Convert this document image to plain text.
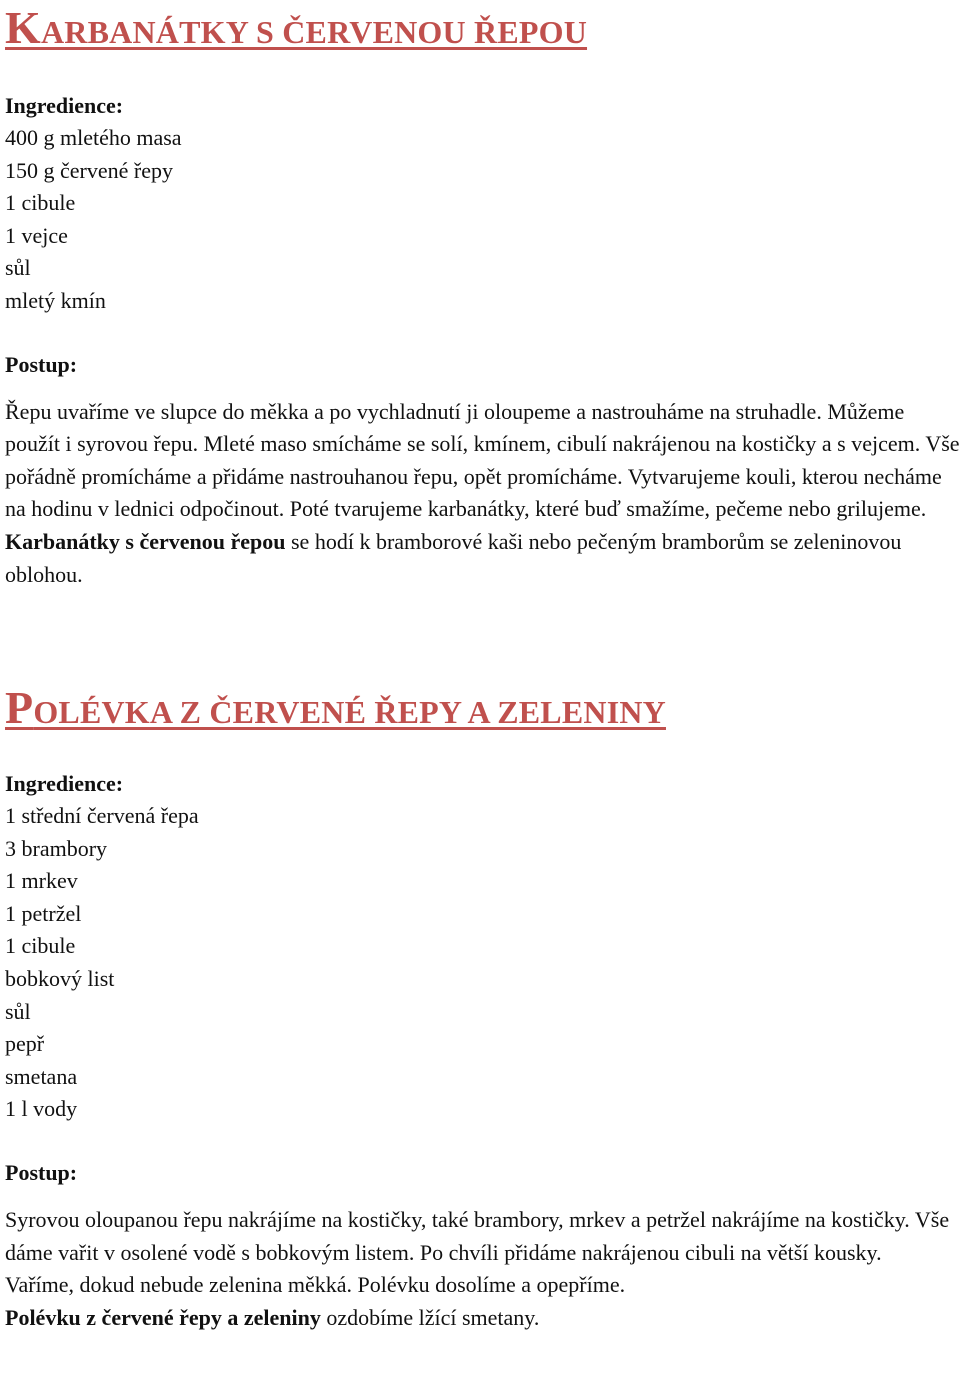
KARBANÁTKY S ČERVENOU ŘEPOU

Ingredience:

400 g mletého masa
150 g červené řepy
1 cibule
1 vejce
sůl
mletý kmín

Postup:

Řepu uvaříme ve slupce do měkka a po vychladnutí ji oloupeme a nastrouháme na struhadle. Můžeme použít i syrovou řepu. Mleté maso smícháme se solí, kmínem, cibulí nakrájenou na kostičky a s vejcem. Vše pořádně promícháme a přidáme nastrouhanou řepu, opět promícháme. Vytvarujeme kouli, kterou necháme na hodinu v lednici odpočinout. Poté tvarujeme karbanátky, které buď smažíme, pečeme nebo grilujeme.

Karbanátky s červenou řepou se hodí k bramborové kaši nebo pečeným bramborům se zeleninovou oblohou.

POLÉVKA Z ČERVENÉ ŘEPY A ZELENINY

Ingredience:

1 střední červená řepa
3 brambory
1 mrkev
1 petržel
1 cibule
bobkový list
sůl
pepř
smetana
1 l vody

Postup:

Syrovou oloupanou řepu nakrájíme na kostičky, také brambory, mrkev a petržel nakrájíme na kostičky. Vše dáme vařit v osolené vodě s bobkovým listem. Po chvíli přidáme nakrájenou cibuli na větší kousky.

Vaříme, dokud nebude zelenina měkká. Polévku dosolíme a opepříme.

Polévku z červené řepy a zeleniny ozdobíme lžící smetany.
